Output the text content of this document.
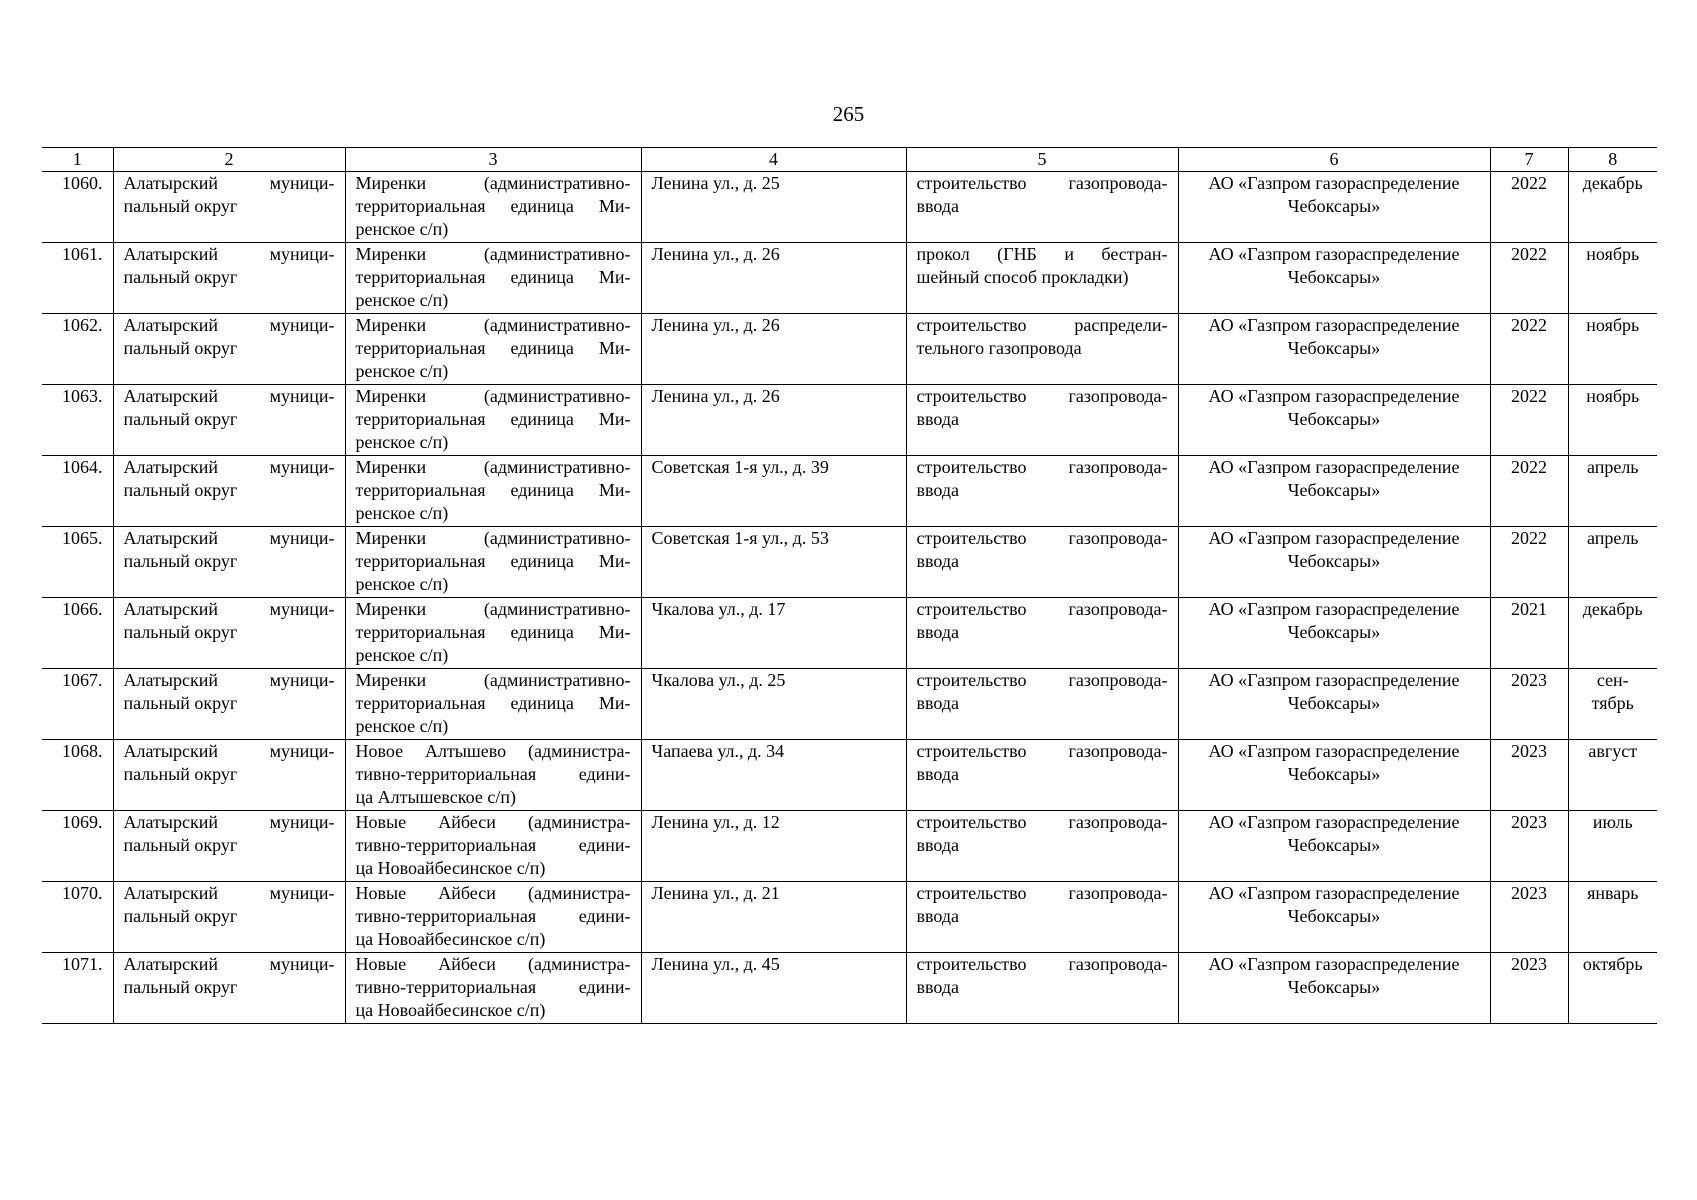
265
1	2	3	4	5	6	7	8
1060.	Алатырский муници-
пальный округ	Миренки (административно-
территориальная единица Ми-
ренское с/п)	Ленина ул., д. 25	строительство газопровода-
ввода	АО «Газпром газораспределение
Чебоксары»	2022	декабрь

1061.	Алатырский муници-
пальный округ	Миренки (административно-
территориальная единица Ми-
ренское с/п)	Ленина ул., д. 26	прокол (ГНБ и бестран-
шейный способ прокладки)	АО «Газпром газораспределение
Чебоксары»	2022	ноябрь

1062.	Алатырский муници-
пальный округ	Миренки (административно-
территориальная единица Ми-
ренское с/п)	Ленина ул., д. 26	строительство распредели-
тельного газопровода	АО «Газпром газораспределение
Чебоксары»	2022	ноябрь

1063.	Алатырский муници-
пальный округ	Миренки (административно-
территориальная единица Ми-
ренское с/п)	Ленина ул., д. 26	строительство газопровода-
ввода	АО «Газпром газораспределение
Чебоксары»	2022	ноябрь

1064.	Алатырский муници-
пальный округ	Миренки (административно-
территориальная единица Ми-
ренское с/п)	Советская 1-я ул., д. 39	строительство газопровода-
ввода	АО «Газпром газораспределение
Чебоксары»	2022	апрель

1065.	Алатырский муници-
пальный округ	Миренки (административно-
территориальная единица Ми-
ренское с/п)	Советская 1-я ул., д. 53	строительство газопровода-
ввода	АО «Газпром газораспределение
Чебоксары»	2022	апрель

1066.	Алатырский муници-
пальный округ	Миренки (административно-
территориальная единица Ми-
ренское с/п)	Чкалова ул., д. 17	строительство газопровода-
ввода	АО «Газпром газораспределение
Чебоксары»	2021	декабрь

1067.	Алатырский муници-
пальный округ	Миренки (административно-
территориальная единица Ми-
ренское с/п)	Чкалова ул., д. 25	строительство газопровода-
ввода	АО «Газпром газораспределение
Чебоксары»	2023	сен-
тябрь

1068.	Алатырский муници-
пальный округ	Новое Алтышево (администра-
тивно-территориальная едини-
ца Алтышевское с/п)	Чапаева ул., д. 34	строительство газопровода-
ввода	АО «Газпром газораспределение
Чебоксары»	2023	август

1069.	Алатырский муници-
пальный округ	Новые Айбеси (администра-
тивно-территориальная едини-
ца Новоайбесинское с/п)	Ленина ул., д. 12	строительство газопровода-
ввода	АО «Газпром газораспределение
Чебоксары»	2023	июль

1070.	Алатырский муници-
пальный округ	Новые Айбеси (администра-
тивно-территориальная едини-
ца Новоайбесинское с/п)	Ленина ул., д. 21	строительство газопровода-
ввода	АО «Газпром газораспределение
Чебоксары»	2023	январь

1071.	Алатырский муници-
пальный округ	Новые Айбеси (администра-
тивно-территориальная едини-
ца Новоайбесинское с/п)	Ленина ул., д. 45	строительство газопровода-
ввода	АО «Газпром газораспределение
Чебоксары»	2023	октябрь
